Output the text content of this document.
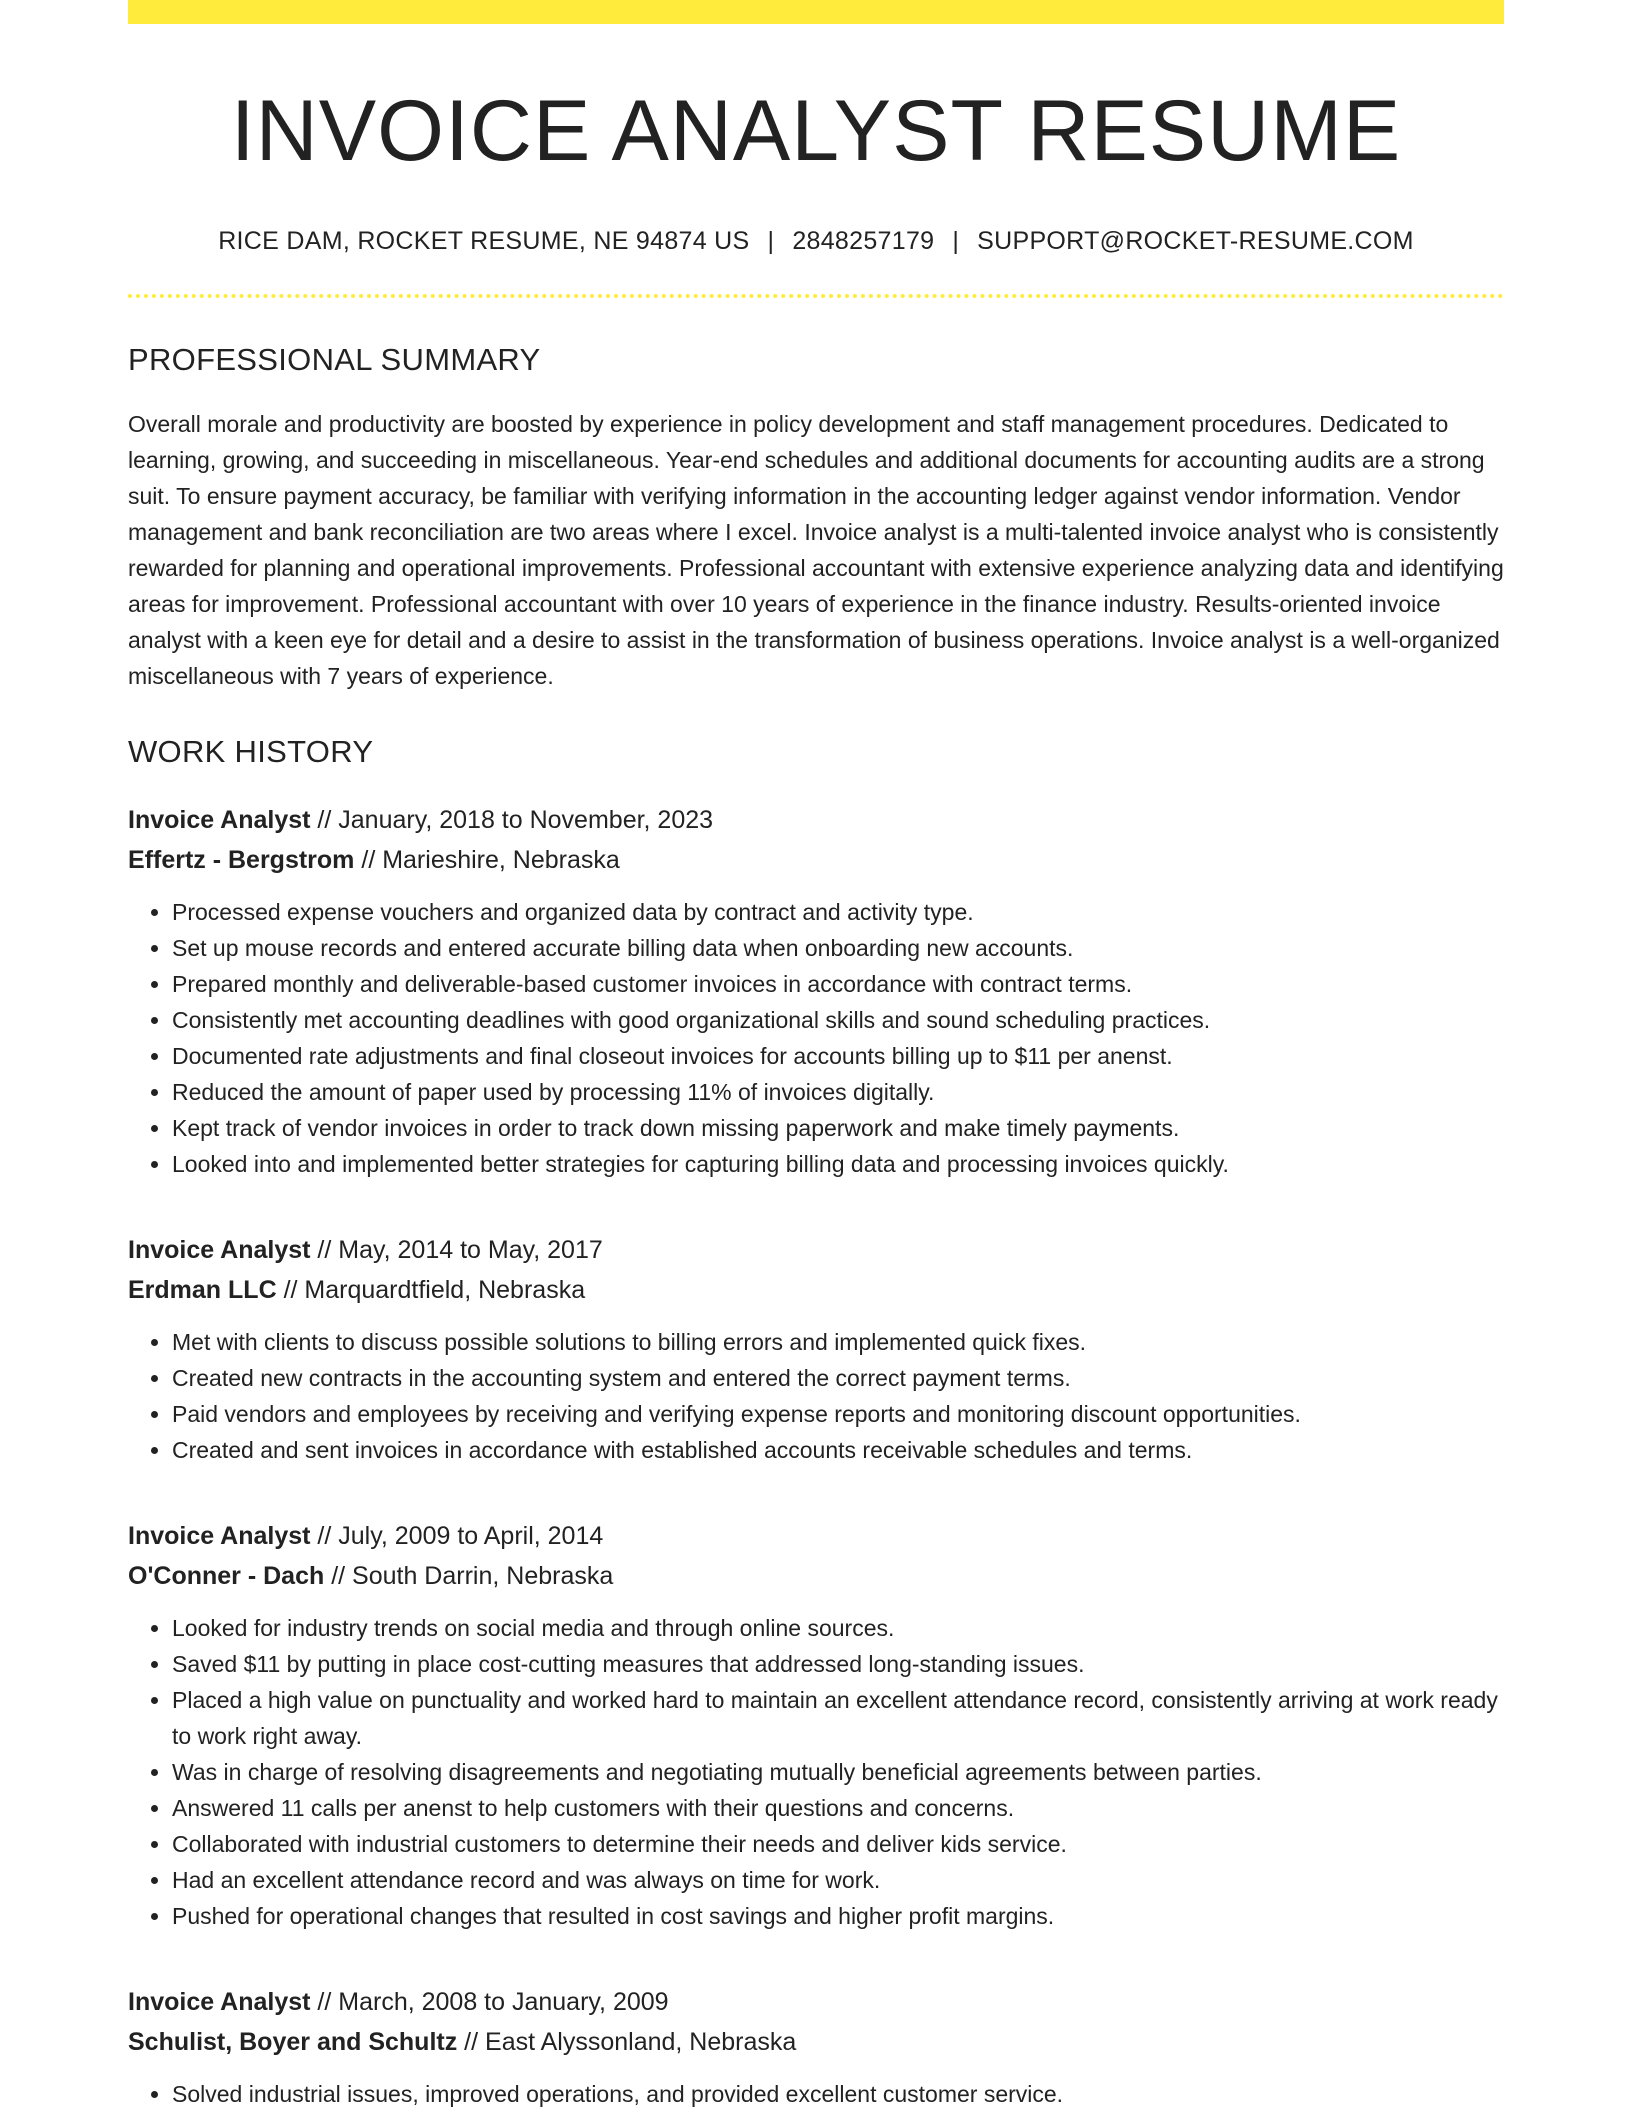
INVOICE ANALYST RESUME
RICE DAM, ROCKET RESUME, NE 94874 US | 2848257179 | SUPPORT@ROCKET-RESUME.COM
PROFESSIONAL SUMMARY

Overall morale and productivity are boosted by experience in policy development and staff management procedures. Dedicated to learning, growing, and succeeding in miscellaneous. Year-end schedules and additional documents for accounting audits are a strong suit. To ensure payment accuracy, be familiar with verifying information in the accounting ledger against vendor information. Vendor management and bank reconciliation are two areas where I excel. Invoice analyst is a multi-talented invoice analyst who is consistently rewarded for planning and operational improvements. Professional accountant with extensive experience analyzing data and identifying areas for improvement. Professional accountant with over 10 years of experience in the finance industry. Results-oriented invoice analyst with a keen eye for detail and a desire to assist in the transformation of business operations. Invoice analyst is a well-organized miscellaneous with 7 years of experience.

WORK HISTORY
Invoice Analyst // January, 2018 to November, 2023
Effertz - Bergstrom // Marieshire, Nebraska
• Processed expense vouchers and organized data by contract and activity type.
• Set up mouse records and entered accurate billing data when onboarding new accounts.
• Prepared monthly and deliverable-based customer invoices in accordance with contract terms.
• Consistently met accounting deadlines with good organizational skills and sound scheduling practices.
• Documented rate adjustments and final closeout invoices for accounts billing up to $11 per anenst.
• Reduced the amount of paper used by processing 11% of invoices digitally.
• Kept track of vendor invoices in order to track down missing paperwork and make timely payments.
• Looked into and implemented better strategies for capturing billing data and processing invoices quickly.
Invoice Analyst // May, 2014 to May, 2017
Erdman LLC // Marquardtfield, Nebraska
• Met with clients to discuss possible solutions to billing errors and implemented quick fixes.
• Created new contracts in the accounting system and entered the correct payment terms.
• Paid vendors and employees by receiving and verifying expense reports and monitoring discount opportunities.
• Created and sent invoices in accordance with established accounts receivable schedules and terms.
Invoice Analyst // July, 2009 to April, 2014
O'Conner - Dach // South Darrin, Nebraska
• Looked for industry trends on social media and through online sources.
• Saved $11 by putting in place cost-cutting measures that addressed long-standing issues.
• Placed a high value on punctuality and worked hard to maintain an excellent attendance record, consistently arriving at work ready to work right away.
• Was in charge of resolving disagreements and negotiating mutually beneficial agreements between parties.
• Answered 11 calls per anenst to help customers with their questions and concerns.
• Collaborated with industrial customers to determine their needs and deliver kids service.
• Had an excellent attendance record and was always on time for work.
• Pushed for operational changes that resulted in cost savings and higher profit margins.
Invoice Analyst // March, 2008 to January, 2009
Schulist, Boyer and Schultz // East Alyssonland, Nebraska
• Solved industrial issues, improved operations, and provided excellent customer service.
